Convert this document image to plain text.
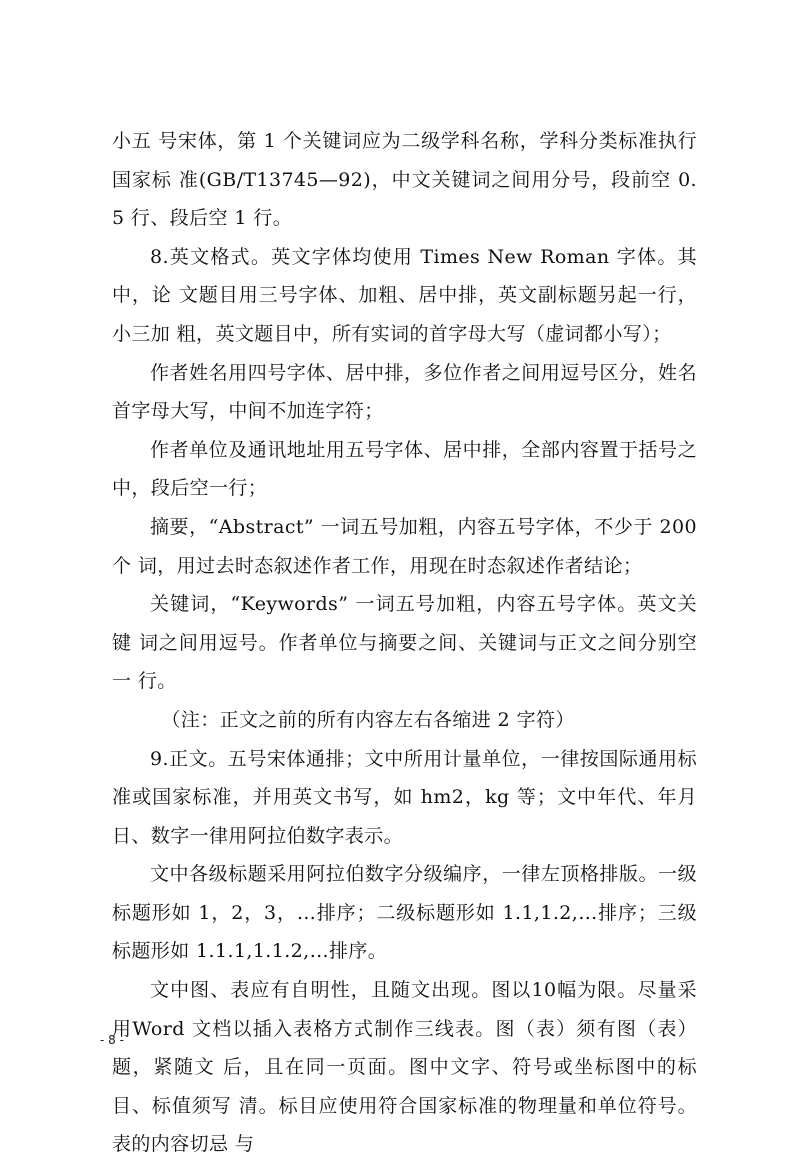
小五 号宋体，第 1 个关键词应为二级学科名称，学科分类标准执行国家标 准(GB/T13745—92)，中文关键词之间用分号，段前空 0.5 行、段后空 1 行。

8.英文格式。英文字体均使用 Times New Roman 字体。其中，论 文题目用三号字体、加粗、居中排，英文副标题另起一行，小三加 粗，英文题目中，所有实词的首字母大写（虚词都小写）；

作者姓名用四号字体、居中排，多位作者之间用逗号区分，姓名首字母大写，中间不加连字符；

作者单位及通讯地址用五号字体、居中排，全部内容置于括号之中，段后空一行；

摘要，“Abstract” 一词五号加粗，内容五号字体，不少于 200 个 词，用过去时态叙述作者工作，用现在时态叙述作者结论；

关键词，“Keywords” 一词五号加粗，内容五号字体。英文关键 词之间用逗号。作者单位与摘要之间、关键词与正文之间分别空一 行。

（注：正文之前的所有内容左右各缩进 2 字符）

9.正文。五号宋体通排；文中所用计量单位，一律按国际通用标准或国家标准，并用英文书写，如 hm2，kg 等；文中年代、年月日、数字一律用阿拉伯数字表示。

文中各级标题采用阿拉伯数字分级编序，一律左顶格排版。一级标题形如 1，2，3，…排序；二级标题形如 1.1,1.2,…排序；三级 标题形如 1.1.1,1.1.2,…排序。

文中图、表应有自明性，且随文出现。图以10幅为限。尽量采用Word 文档以插入表格方式制作三线表。图（表）须有图（表）题，紧随文 后，且在同一页面。图中文字、符号或坐标图中的标目、标值须写 清。标目应使用符合国家标准的物理量和单位符号。表的内容切忌 与

- 8 -
